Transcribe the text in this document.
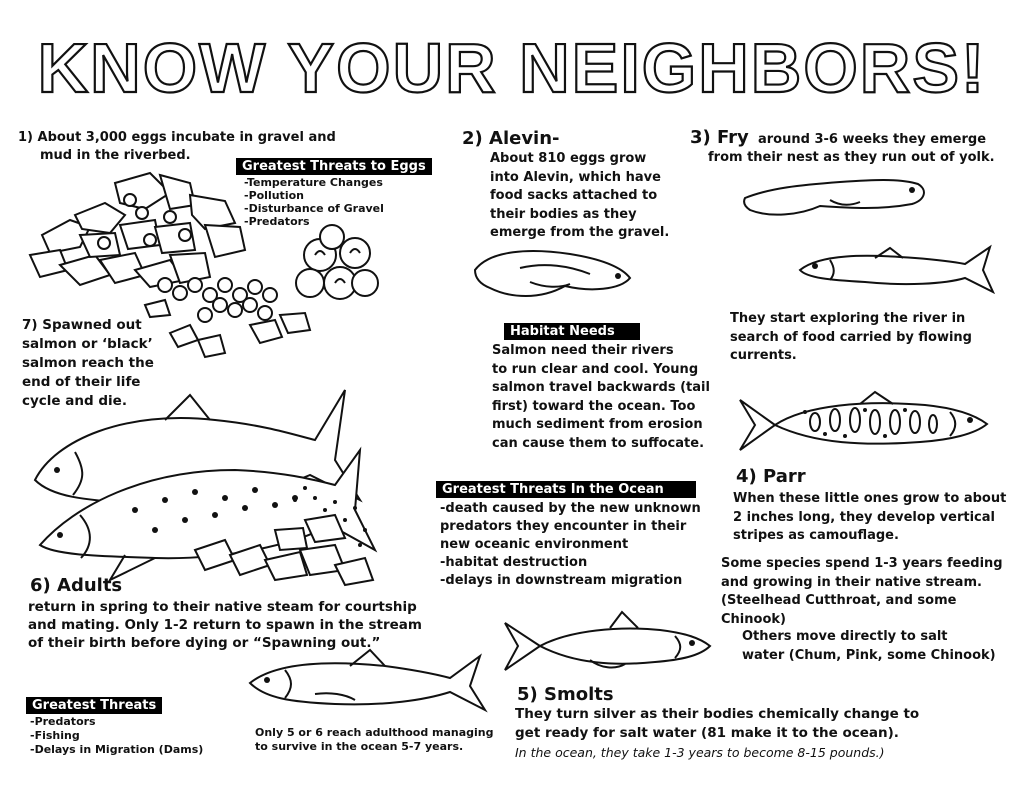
KNOW YOUR NEIGHBORS!
1) About 3,000 eggs incubate in gravel and
mud in the riverbed.
Greatest Threats to Eggs
-Temperature Changes
-Pollution
-Disturbance of Gravel
-Predators
7) Spawned out
salmon or ‘black’
salmon reach the
end of their life
cycle and die.
6) Adults
return in spring to their native steam for courtship
and mating. Only 1-2 return to spawn in the stream
of their birth before dying or “Spawning out.”
Greatest Threats
-Predators
-Fishing
-Delays in Migration (Dams)
Only 5 or 6 reach adulthood managing
to survive in the ocean 5-7 years.
2) Alevin-
About 810 eggs grow
into Alevin, which have
food sacks attached to
their bodies as they
emerge from the gravel.
Habitat Needs
Salmon need their rivers
to run clear and cool. Young
salmon travel backwards (tail
first) toward the ocean. Too
much sediment from erosion
can cause them to suffocate.
Greatest Threats In the Ocean
-death caused by the new unknown
predators they encounter in their
new oceanic environment
-habitat destruction
-delays in downstream migration
3) Fry around 3-6 weeks they emerge
from their nest as they run out of yolk.
They start exploring the river in
search of food carried by flowing
currents.
4) Parr
When these little ones grow to about
2 inches long, they develop vertical
stripes as camouflage.
Some species spend 1-3 years feeding
and growing in their native stream.
(Steelhead Cutthroat, and some Chinook)
Others move directly to salt
water (Chum, Pink, some Chinook)
5) Smolts
They turn silver as their bodies chemically change to
get ready for salt water (81 make it to the ocean).
In the ocean, they take 1-3 years to become 8-15 pounds.)
